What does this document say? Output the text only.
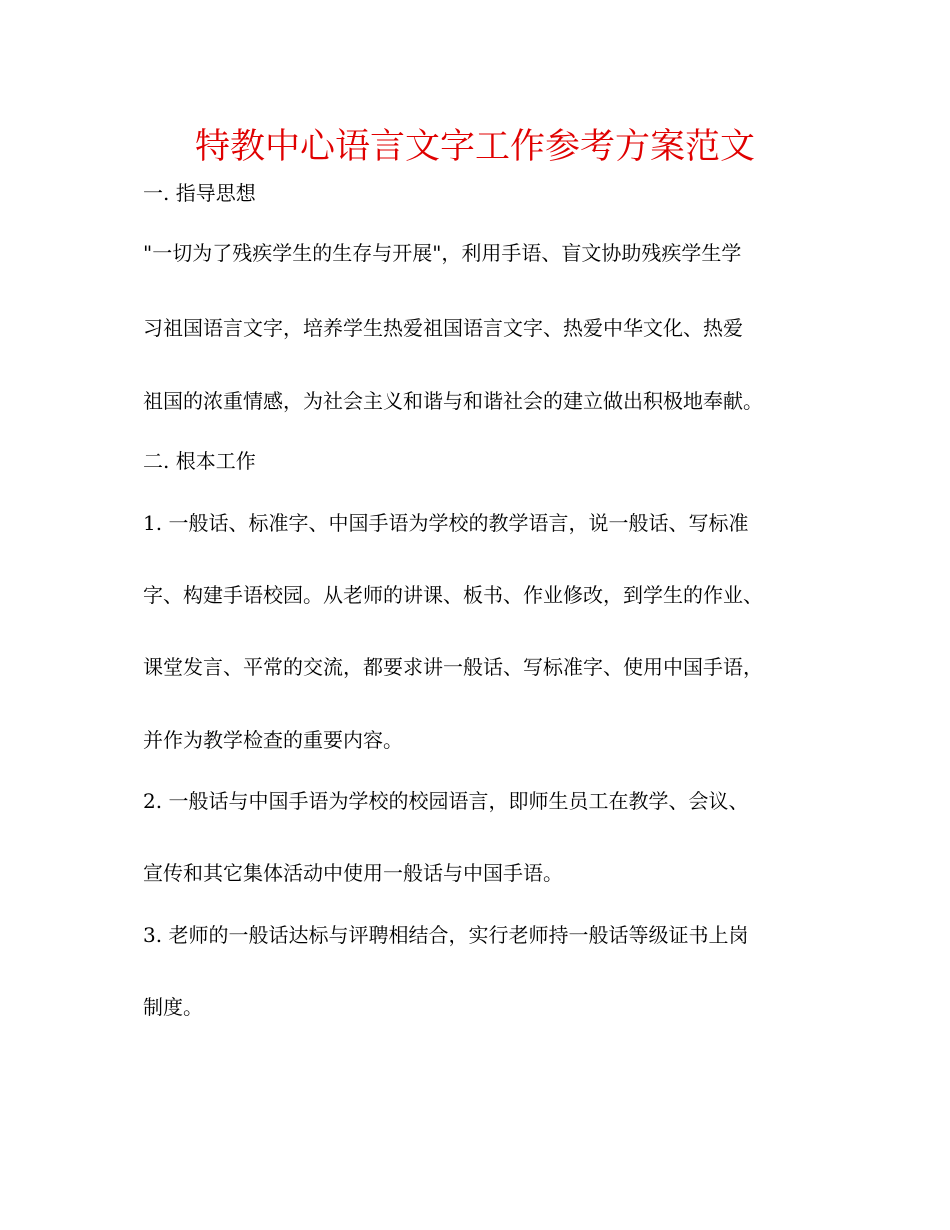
特教中心语言文字工作参考方案范文

一. 指导思想

"一切为了残疾学生的生存与开展"，利用手语、盲文协助残疾学生学

习祖国语言文字，培养学生热爱祖国语言文字、热爱中华文化、热爱

祖国的浓重情感，为社会主义和谐与和谐社会的建立做出积极地奉献。

二. 根本工作

1. 一般话、标准字、中国手语为学校的教学语言，说一般话、写标准

字、构建手语校园。从老师的讲课、板书、作业修改，到学生的作业、

课堂发言、平常的交流，都要求讲一般话、写标准字、使用中国手语，

并作为教学检查的重要内容。

2. 一般话与中国手语为学校的校园语言，即师生员工在教学、会议、

宣传和其它集体活动中使用一般话与中国手语。

3. 老师的一般话达标与评聘相结合，实行老师持一般话等级证书上岗

制度。
